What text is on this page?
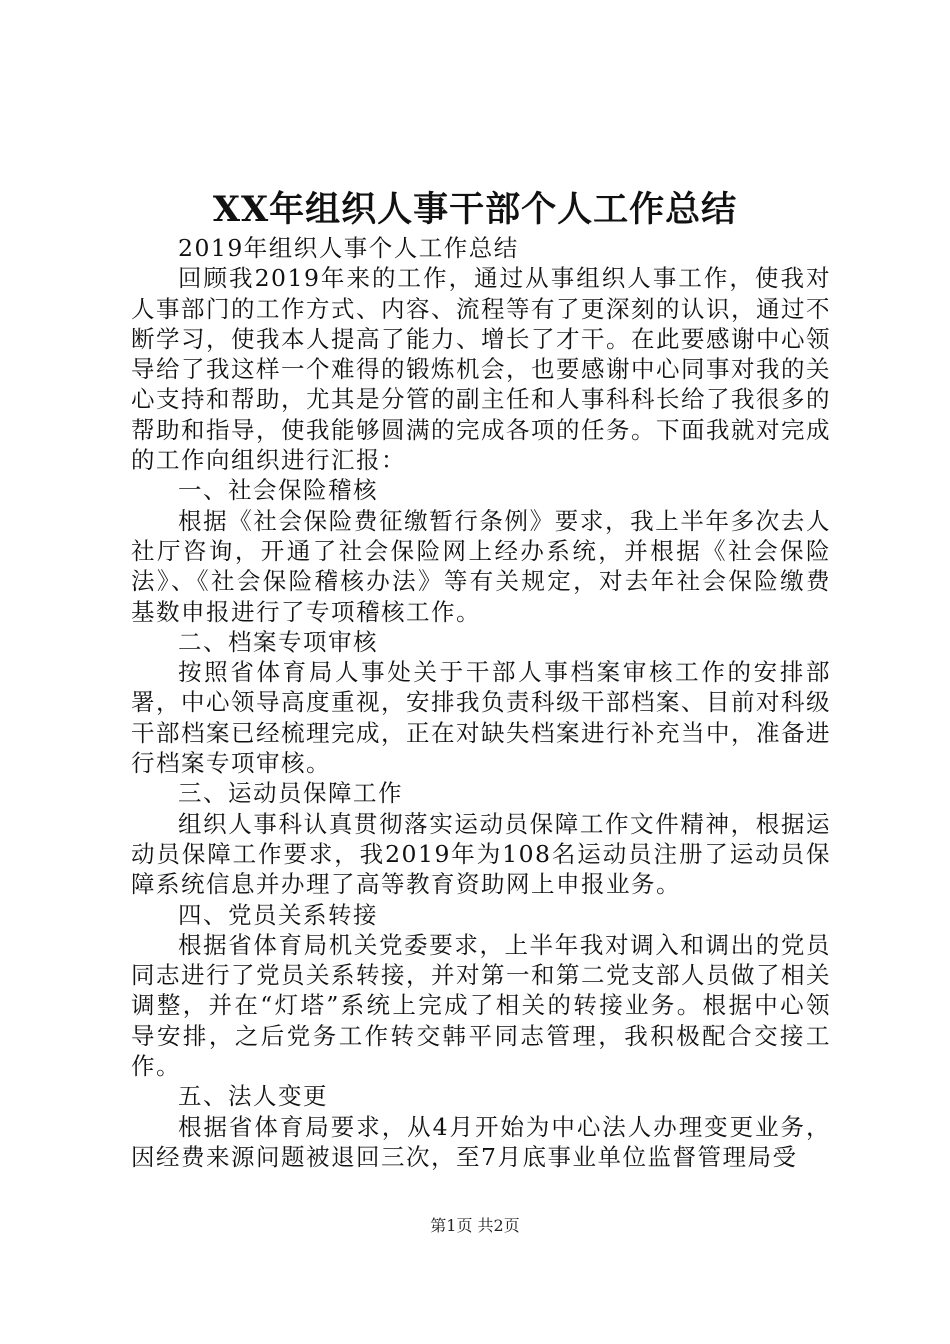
XX年组织人事干部个人工作总结

2019年组织人事个人工作总结

回顾我2019年来的工作，通过从事组织人事工作，使我对人事部门的工作方式、内容、流程等有了更深刻的认识，通过不断学习，使我本人提高了能力、增长了才干。在此要感谢中心领导给了我这样一个难得的锻炼机会，也要感谢中心同事对我的关心支持和帮助，尤其是分管的副主任和人事科科长给了我很多的帮助和指导，使我能够圆满的完成各项的任务。下面我就对完成的工作向组织进行汇报：

一、社会保险稽核

根据《社会保险费征缴暂行条例》要求，我上半年多次去人社厅咨询，开通了社会保险网上经办系统，并根据《社会保险法》、《社会保险稽核办法》等有关规定，对去年社会保险缴费基数申报进行了专项稽核工作。

二、档案专项审核

按照省体育局人事处关于干部人事档案审核工作的安排部署，中心领导高度重视，安排我负责科级干部档案、目前对科级干部档案已经梳理完成，正在对缺失档案进行补充当中，准备进行档案专项审核。

三、运动员保障工作

组织人事科认真贯彻落实运动员保障工作文件精神，根据运动员保障工作要求，我2019年为108名运动员注册了运动员保障系统信息并办理了高等教育资助网上申报业务。

四、党员关系转接

根据省体育局机关党委要求，上半年我对调入和调出的党员同志进行了党员关系转接，并对第一和第二党支部人员做了相关调整，并在“灯塔”系统上完成了相关的转接业务。根据中心领导安排，之后党务工作转交韩平同志管理，我积极配合交接工作。

五、法人变更

根据省体育局要求，从4月开始为中心法人办理变更业务，因经费来源问题被退回三次，至7月底事业单位监督管理局受

第1页 共2页
